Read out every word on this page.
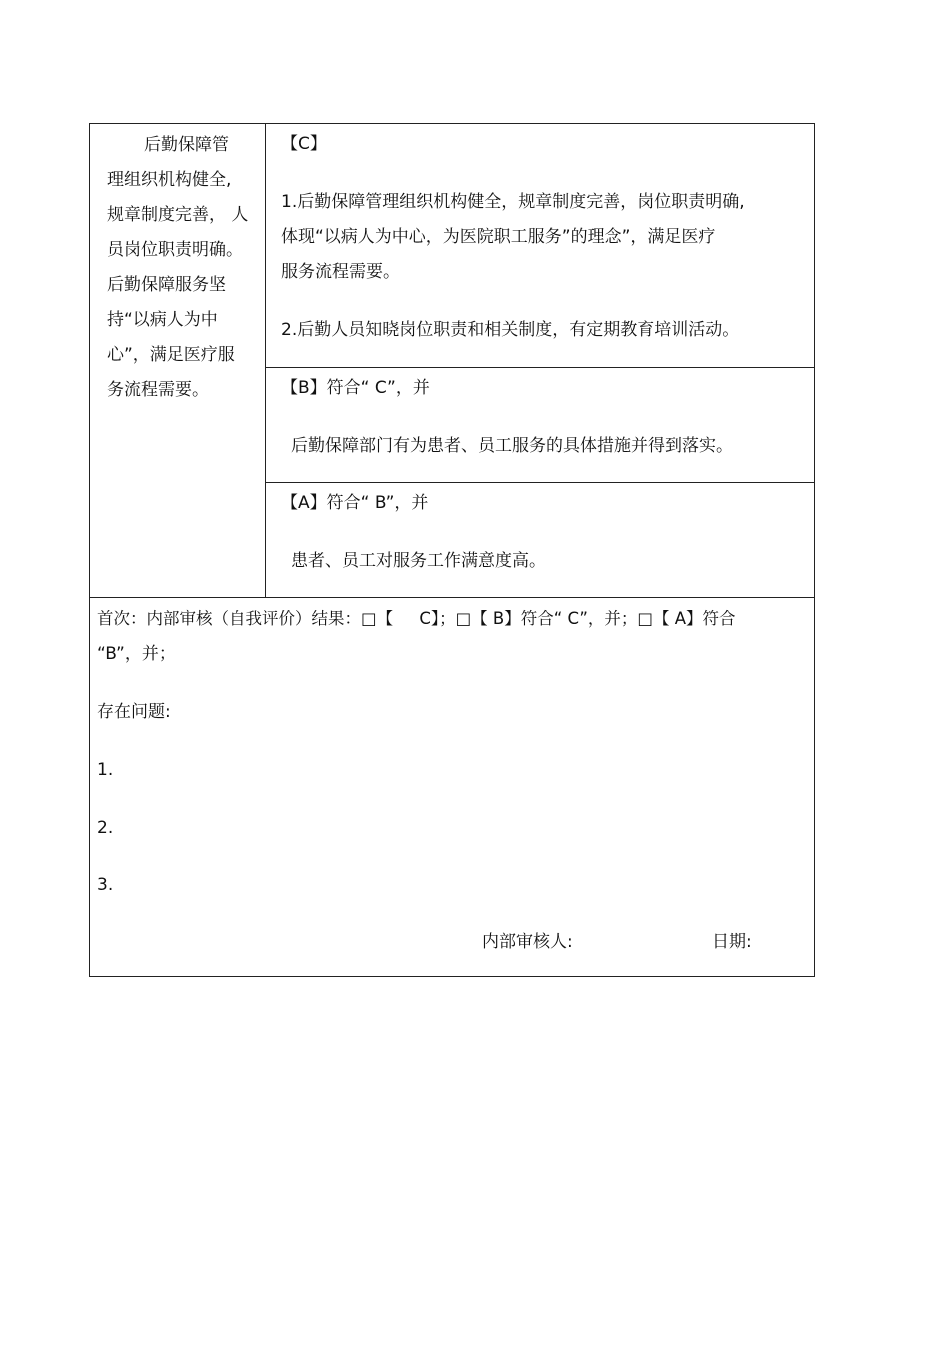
后勤保障管
理组织机构健全,
规章制度完善， 人
员岗位职责明确。
后勤保障服务坚
持“以病人为中
心”，满足医疗服
务流程需要。
【C】
1.后勤保障管理组织机构健全，规章制度完善，岗位职责明确,
体现“以病人为中心，为医院职工服务”的理念”，满足医疗
服务流程需要。
2.后勤人员知晓岗位职责和相关制度，有定期教育培训活动。
【B】符合“ C”，并
后勤保障部门有为患者、员工服务的具体措施并得到落实。
【A】符合“ B”，并
患者、员工对服务工作满意度高。
首次：内部审核（自我评价）结果：□【     C】；□【 B】符合“ C”，并；□【 A】符合
“B”，并；
存在问题:
1.
2.
3.
内部审核人:	日期:
